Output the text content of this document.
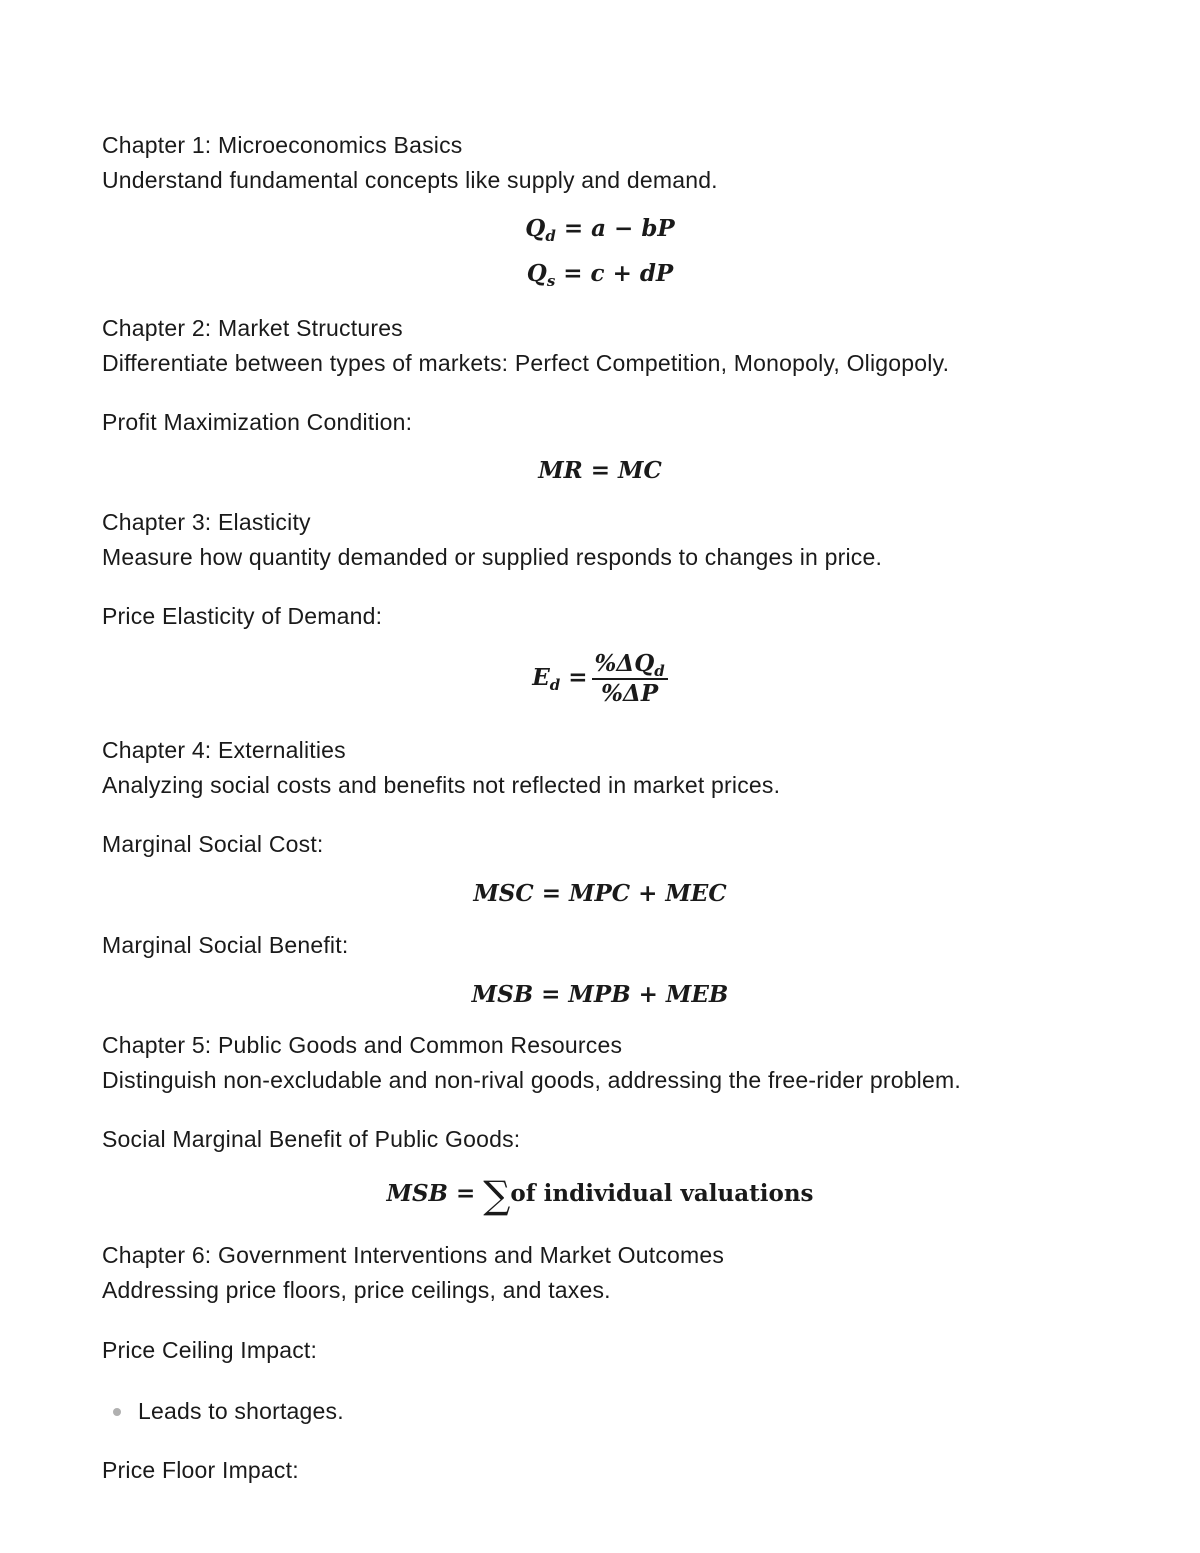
Chapter 1: Microeconomics Basics

Understand fundamental concepts like supply and demand.

$Q_d = a$ − bP
$Q_s = c$ + dP

Chapter 2: Market Structures

Differentiate between types of markets: Perfect Competition, Monopoly, Oligopoly.

Profit Maximization Condition:

MR = MC

Chapter 3: Elasticity

Measure how quantity demanded or supplied responds to changes in price.

Price Elasticity of Demand:

$E_d = \frac{\%\Delta Q_d}{\%\Delta P}$

Chapter 4: Externalities

Analyzing social costs and benefits not reflected in market prices.

Marginal Social Cost:

MSC = MPC + MEC

Marginal Social Benefit:

MSB = MPB + MEB

Chapter 5: Public Goods and Common Resources

Distinguish non-excludable and non-rival goods, addressing the free-rider problem.

Social Marginal Benefit of Public Goods:

MSB = ∑of individual valuations

Chapter 6: Government Interventions and Market Outcomes

Addressing price floors, price ceilings, and taxes.

Price Ceiling Impact:

Leads to shortages.

Price Floor Impact:
